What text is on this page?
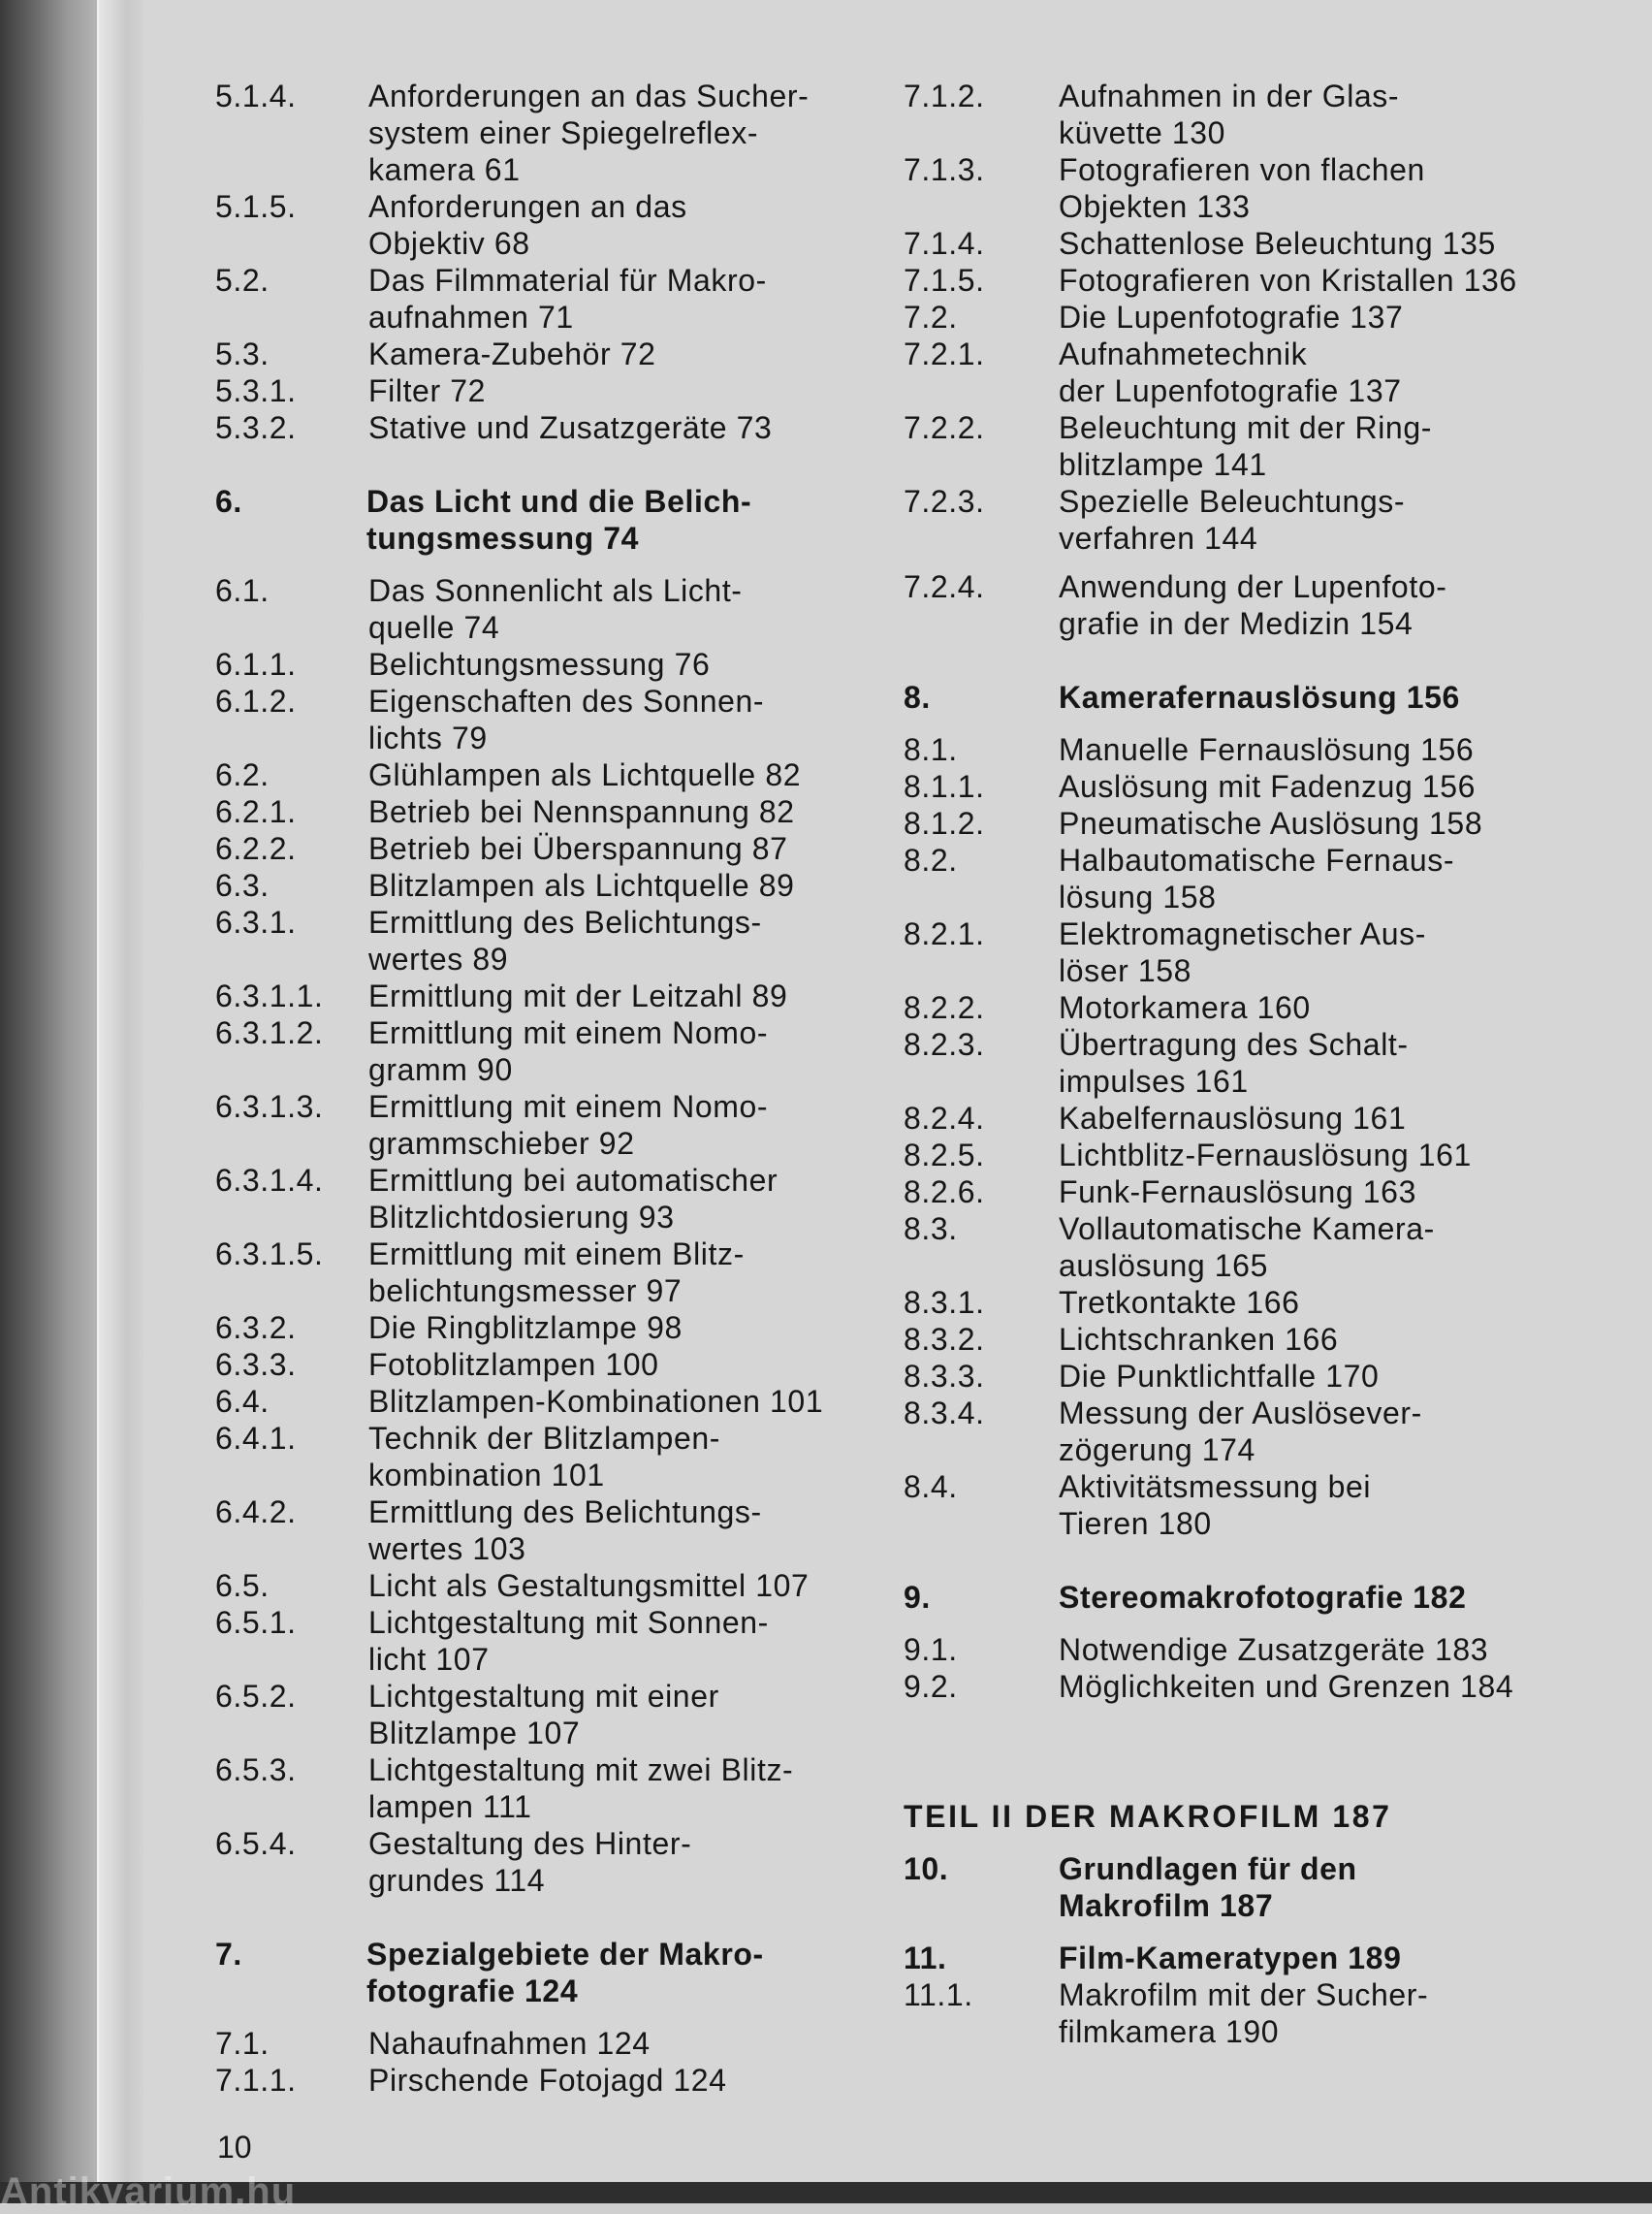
5.1.4.	Anforderungen an das Sucher-
system einer Spiegelreflex-
kamera 61
5.1.5.	Anforderungen an das
Objektiv 68
5.2.	Das Filmmaterial für Makro-
aufnahmen 71
5.3.	Kamera-Zubehör 72
5.3.1.	Filter 72
5.3.2.	Stative und Zusatzgeräte 73
6.	Das Licht und die Belich-
tungsmessung 74
6.1.	Das Sonnenlicht als Licht-
quelle 74
6.1.1.	Belichtungsmessung 76
6.1.2.	Eigenschaften des Sonnen-
lichts 79
6.2.	Glühlampen als Lichtquelle 82
6.2.1.	Betrieb bei Nennspannung 82
6.2.2.	Betrieb bei Überspannung 87
6.3.	Blitzlampen als Lichtquelle 89
6.3.1.	Ermittlung des Belichtungs-
wertes 89
6.3.1.1.	Ermittlung mit der Leitzahl 89
6.3.1.2.	Ermittlung mit einem Nomo-
gramm 90
6.3.1.3.	Ermittlung mit einem Nomo-
grammschieber 92
6.3.1.4.	Ermittlung bei automatischer
Blitzlichtdosierung 93
6.3.1.5.	Ermittlung mit einem Blitz-
belichtungsmesser 97
6.3.2.	Die Ringblitzlampe 98
6.3.3.	Fotoblitzlampen 100
6.4.	Blitzlampen-Kombinationen 101
6.4.1.	Technik der Blitzlampen-
kombination 101
6.4.2.	Ermittlung des Belichtungs-
wertes 103
6.5.	Licht als Gestaltungsmittel 107
6.5.1.	Lichtgestaltung mit Sonnen-
licht 107
6.5.2.	Lichtgestaltung mit einer
Blitzlampe 107
6.5.3.	Lichtgestaltung mit zwei Blitz-
lampen 111
6.5.4.	Gestaltung des Hinter-
grundes 114
7.	Spezialgebiete der Makro-
fotografie 124
7.1.	Nahaufnahmen 124
7.1.1.	Pirschende Fotojagd 124
7.1.2.	Aufnahmen in der Glas-
küvette 130
7.1.3.	Fotografieren von flachen
Objekten 133
7.1.4.	Schattenlose Beleuchtung 135
7.1.5.	Fotografieren von Kristallen 136
7.2.	Die Lupenfotografie 137
7.2.1.	Aufnahmetechnik
der Lupenfotografie 137
7.2.2.	Beleuchtung mit der Ring-
blitzlampe 141
7.2.3.	Spezielle Beleuchtungs-
verfahren 144
7.2.4.	Anwendung der Lupenfoto-
grafie in der Medizin 154
8.	Kamerafernauslösung 156
8.1.	Manuelle Fernauslösung 156
8.1.1.	Auslösung mit Fadenzug 156
8.1.2.	Pneumatische Auslösung 158
8.2.	Halbautomatische Fernaus-
lösung 158
8.2.1.	Elektromagnetischer Aus-
löser 158
8.2.2.	Motorkamera 160
8.2.3.	Übertragung des Schalt-
impulses 161
8.2.4.	Kabelfernauslösung 161
8.2.5.	Lichtblitz-Fernauslösung 161
8.2.6.	Funk-Fernauslösung 163
8.3.	Vollautomatische Kamera-
auslösung 165
8.3.1.	Tretkontakte 166
8.3.2.	Lichtschranken 166
8.3.3.	Die Punktlichtfalle 170
8.3.4.	Messung der Auslösever-
zögerung 174
8.4.	Aktivitätsmessung bei
Tieren 180
9.	Stereomakrofotografie 182
9.1.	Notwendige Zusatzgeräte 183
9.2.	Möglichkeiten und Grenzen 184
TEIL II DER MAKROFILM 187
10.	Grundlagen für den
Makrofilm 187
11.	Film-Kameratypen 189
11.1.	Makrofilm mit der Sucher-
filmkamera 190
10
Antikvarium.hu
